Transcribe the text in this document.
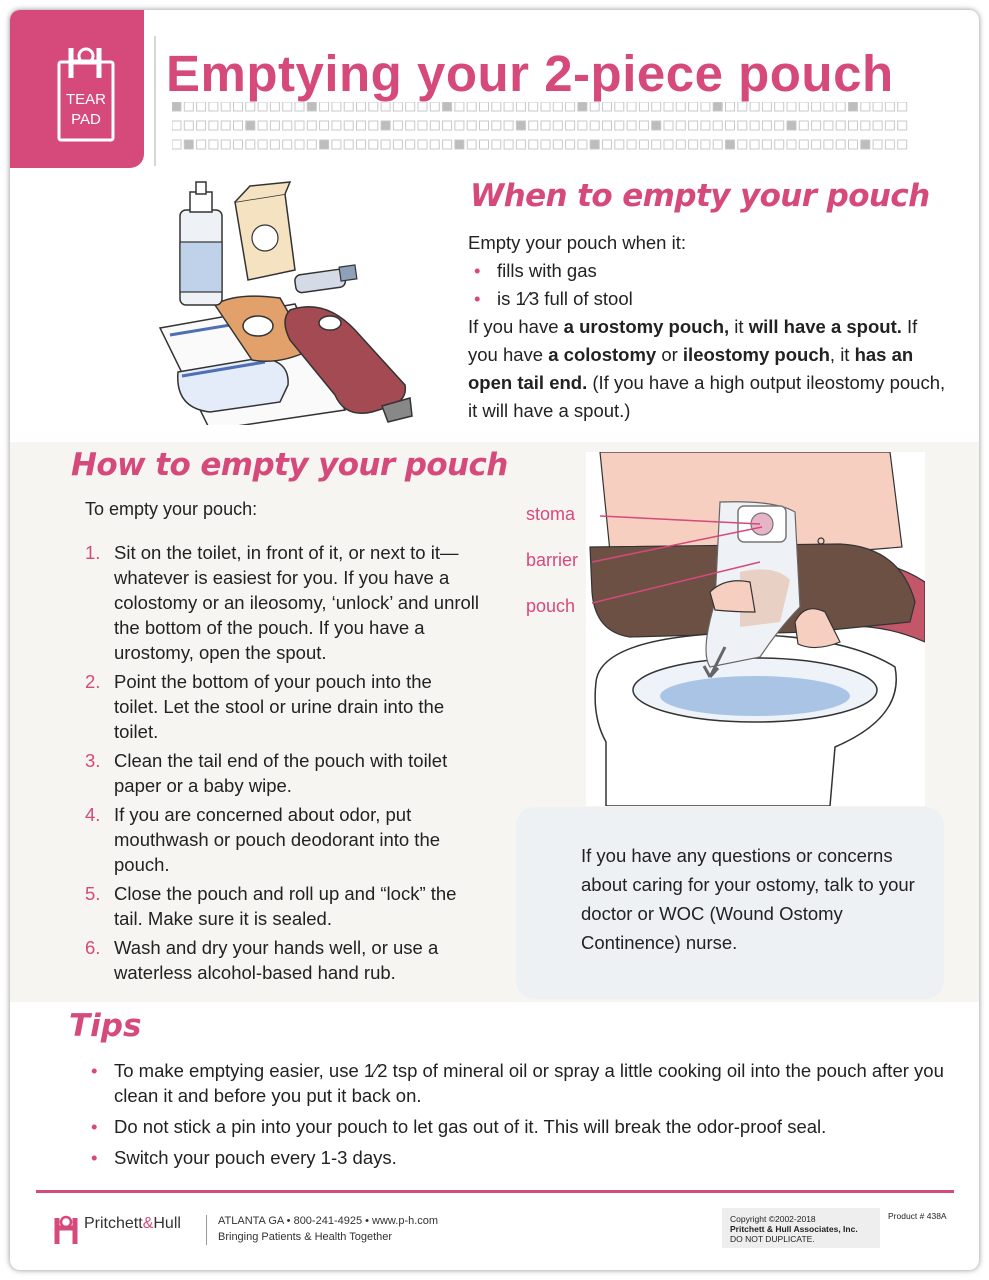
TEAR
PAD
Emptying your 2-piece pouch
When to empty your pouch

Empty your pouch when it:

• fills with gas
• is 1⁄3 full of stool

If you have a urostomy pouch, it will have a spout. If you have a colostomy or ileostomy pouch, it has an open tail end. (If you have a high output ileostomy pouch, it will have a spout.)

How to empty your pouch

To empty your pouch:

1. Sit on the toilet, in front of it, or next to it—whatever is easiest for you. If you have a colostomy or an ileosomy, ‘unlock’ and unroll the bottom of the pouch. If you have a urostomy, open the spout.
2. Point the bottom of your pouch into the toilet. Let the stool or urine drain into the toilet.
3. Clean the tail end of the pouch with toilet paper or a baby wipe.
4. If you are concerned about odor, put mouthwash or pouch deodorant into the pouch.
5. Close the pouch and roll up and “lock” the tail. Make sure it is sealed.
6. Wash and dry your hands well, or use a waterless alcohol-based hand rub.
stoma
barrier
pouch

If you have any questions or concerns about caring for your ostomy, talk to your doctor or WOC (Wound Ostomy Continence) nurse.

Tips
• To make emptying easier, use 1⁄2 tsp of mineral oil or spray a little cooking oil into the pouch after you clean it and before you put it back on.
• Do not stick a pin into your pouch to let gas out of it. This will break the odor-proof seal.
• Switch your pouch every 1-3 days.

Pritchett&Hull	ATLANTA GA • 800-241-4925 • www.p-h.com

Bringing Patients & Health Together

Copyright ©2002-2018

Pritchett & Hull Associates, Inc.

DO NOT DUPLICATE.

Product # 438A
